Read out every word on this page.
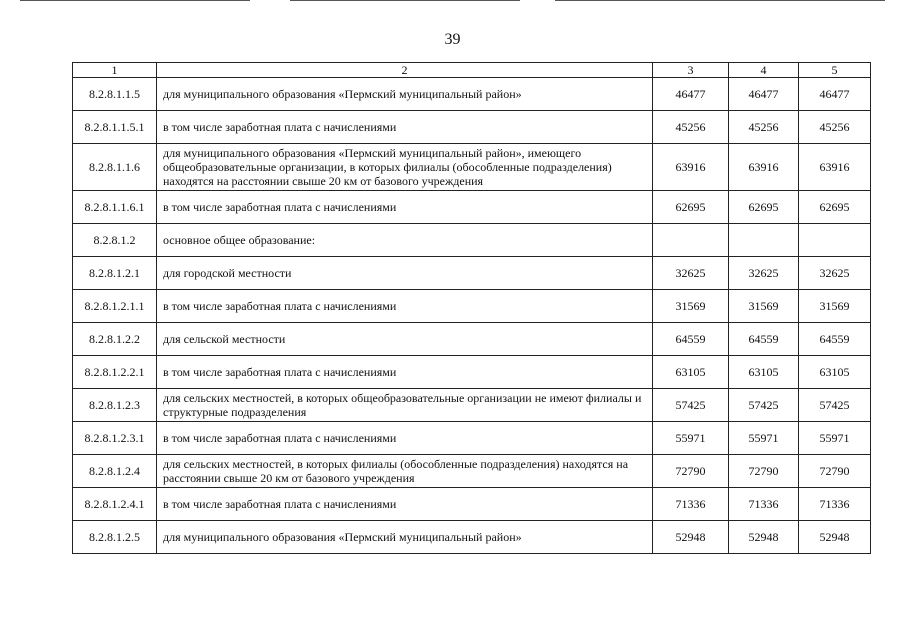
39
1	2	3	4	5
8.2.8.1.1.5	для муниципального образования «Пермский муниципальный район»	46477	46477	46477
8.2.8.1.1.5.1	в том числе заработная плата с начислениями	45256	45256	45256
8.2.8.1.1.6	для муниципального образования «Пермский муниципальный район», имеющего общеобразовательные организации, в которых филиалы (обособленные подразделения) находятся на расстоянии свыше 20 км от базового учреждения	63916	63916	63916
8.2.8.1.1.6.1	в том числе заработная плата с начислениями	62695	62695	62695
8.2.8.1.2	основное общее образование:			
8.2.8.1.2.1	для городской местности	32625	32625	32625
8.2.8.1.2.1.1	в том числе заработная плата с начислениями	31569	31569	31569
8.2.8.1.2.2	для сельской местности	64559	64559	64559
8.2.8.1.2.2.1	в том числе заработная плата с начислениями	63105	63105	63105
8.2.8.1.2.3	для сельских местностей, в которых общеобразовательные организации не имеют филиалы и структурные подразделения	57425	57425	57425
8.2.8.1.2.3.1	в том числе заработная плата с начислениями	55971	55971	55971
8.2.8.1.2.4	для сельских местностей, в которых филиалы (обособленные подразделения) находятся на расстоянии свыше 20 км от базового учреждения	72790	72790	72790
8.2.8.1.2.4.1	в том числе заработная плата с начислениями	71336	71336	71336
8.2.8.1.2.5	для муниципального образования «Пермский муниципальный район»	52948	52948	52948
